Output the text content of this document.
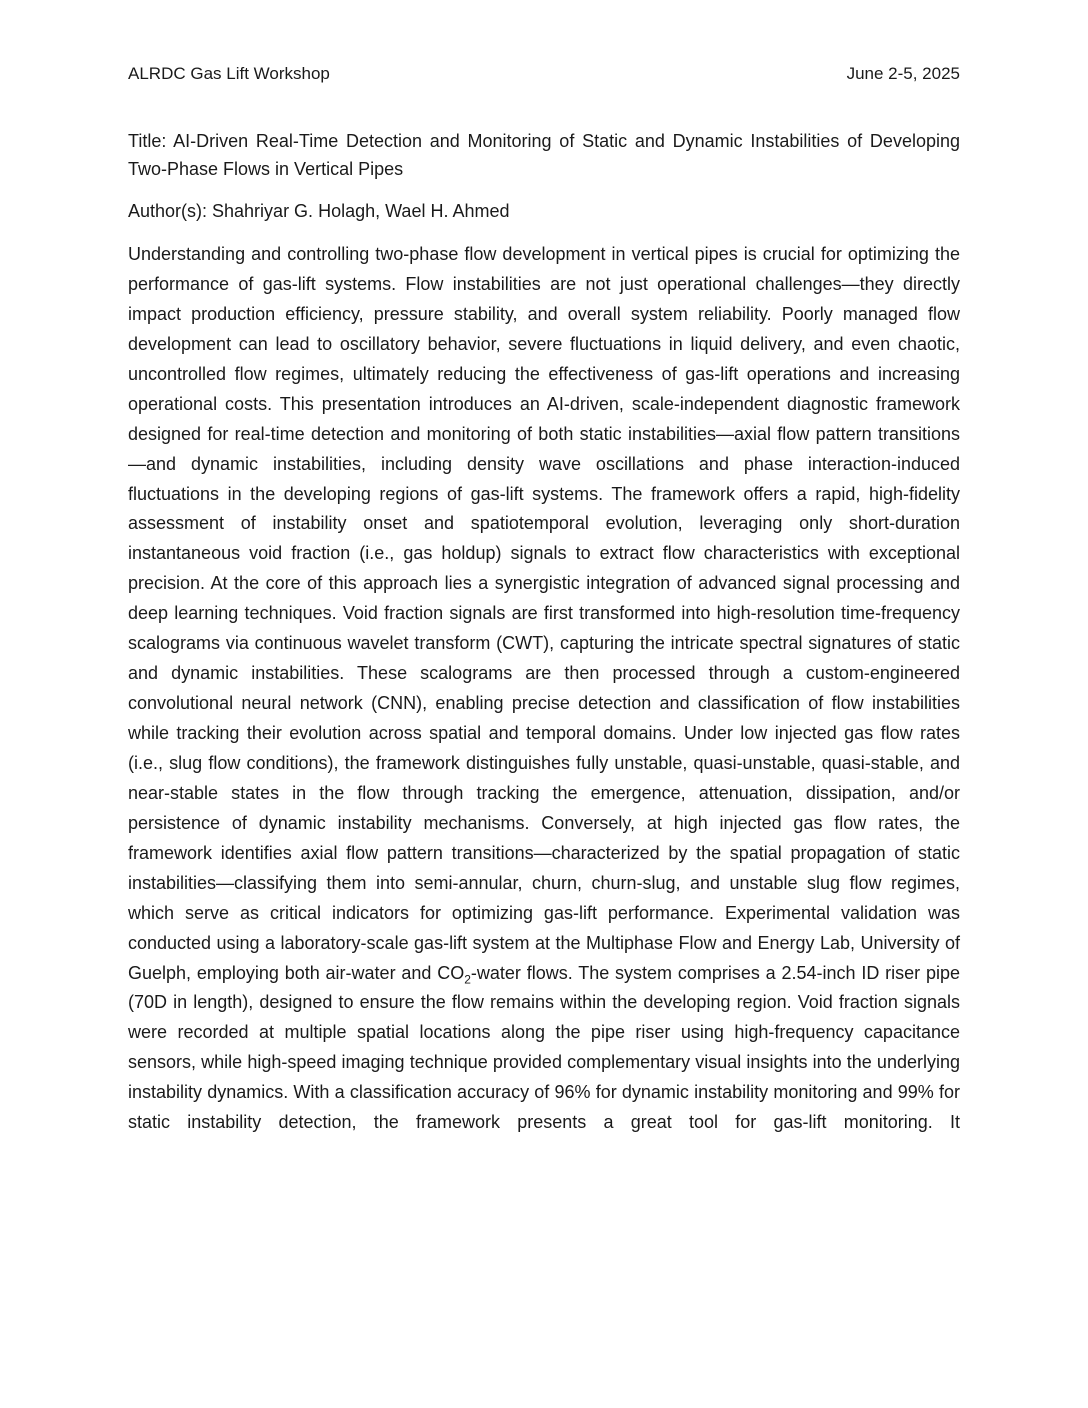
ALRDC Gas Lift Workshop	June 2-5, 2025
Title: AI-Driven Real-Time Detection and Monitoring of Static and Dynamic Instabilities of Developing Two-Phase Flows in Vertical Pipes
Author(s): Shahriyar G. Holagh, Wael H. Ahmed

Understanding and controlling two-phase flow development in vertical pipes is crucial for optimizing the performance of gas-lift systems. Flow instabilities are not just operational challenges—they directly impact production efficiency, pressure stability, and overall system reliability. Poorly managed flow development can lead to oscillatory behavior, severe fluctuations in liquid delivery, and even chaotic, uncontrolled flow regimes, ultimately reducing the effectiveness of gas-lift operations and increasing operational costs. This presentation introduces an AI-driven, scale-independent diagnostic framework designed for real-time detection and monitoring of both static instabilities—axial flow pattern transitions—and dynamic instabilities, including density wave oscillations and phase interaction-induced fluctuations in the developing regions of gas-lift systems. The framework offers a rapid, high-fidelity assessment of instability onset and spatiotemporal evolution, leveraging only short-duration instantaneous void fraction (i.e., gas holdup) signals to extract flow characteristics with exceptional precision. At the core of this approach lies a synergistic integration of advanced signal processing and deep learning techniques. Void fraction signals are first transformed into high-resolution time-frequency scalograms via continuous wavelet transform (CWT), capturing the intricate spectral signatures of static and dynamic instabilities. These scalograms are then processed through a custom-engineered convolutional neural network (CNN), enabling precise detection and classification of flow instabilities while tracking their evolution across spatial and temporal domains. Under low injected gas flow rates (i.e., slug flow conditions), the framework distinguishes fully unstable, quasi-unstable, quasi-stable, and near-stable states in the flow through tracking the emergence, attenuation, dissipation, and/or persistence of dynamic instability mechanisms. Conversely, at high injected gas flow rates, the framework identifies axial flow pattern transitions—characterized by the spatial propagation of static instabilities—classifying them into semi-annular, churn, churn-slug, and unstable slug flow regimes, which serve as critical indicators for optimizing gas-lift performance. Experimental validation was conducted using a laboratory-scale gas-lift system at the Multiphase Flow and Energy Lab, University of Guelph, employing both air-water and $CO_2$-water flows. The system comprises a 2.54-inch ID riser pipe (70D in length), designed to ensure the flow remains within the developing region. Void fraction signals were recorded at multiple spatial locations along the pipe riser using high-frequency capacitance sensors, while high-speed imaging technique provided complementary visual insights into the underlying instability dynamics. With a classification accuracy of 96% for dynamic instability monitoring and 99% for static instability detection, the framework presents a great tool for gas-lift monitoring. It
